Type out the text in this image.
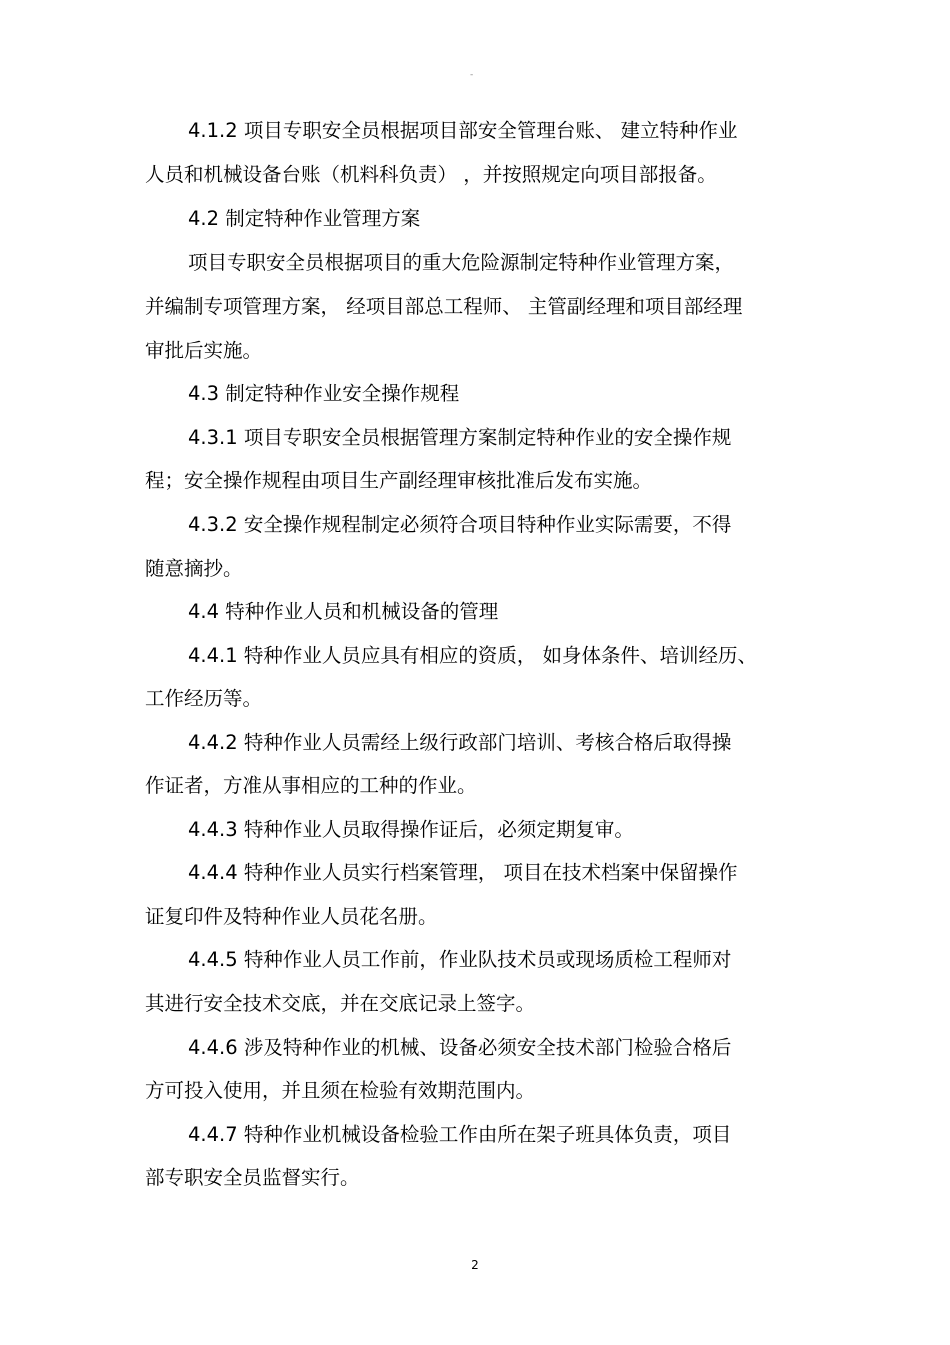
-
4.1.2 项目专职安全员根据项目部安全管理台账、 建立特种作业
人员和机械设备台账（机料科负责） ，并按照规定向项目部报备。
4.2 制定特种作业管理方案
项目专职安全员根据项目的重大危险源制定特种作业管理方案，
并编制专项管理方案， 经项目部总工程师、 主管副经理和项目部经理
审批后实施。
4.3 制定特种作业安全操作规程
4.3.1 项目专职安全员根据管理方案制定特种作业的安全操作规
程；安全操作规程由项目生产副经理审核批准后发布实施。
4.3.2 安全操作规程制定必须符合项目特种作业实际需要，不得
随意摘抄。
4.4 特种作业人员和机械设备的管理
4.4.1 特种作业人员应具有相应的资质， 如身体条件、培训经历、
工作经历等。
4.4.2 特种作业人员需经上级行政部门培训、考核合格后取得操
作证者，方准从事相应的工种的作业。
4.4.3 特种作业人员取得操作证后，必须定期复审。
4.4.4 特种作业人员实行档案管理， 项目在技术档案中保留操作
证复印件及特种作业人员花名册。
4.4.5 特种作业人员工作前，作业队技术员或现场质检工程师对
其进行安全技术交底，并在交底记录上签字。
4.4.6 涉及特种作业的机械、设备必须安全技术部门检验合格后
方可投入使用，并且须在检验有效期范围内。
4.4.7 特种作业机械设备检验工作由所在架子班具体负责，项目
部专职安全员监督实行。
2
